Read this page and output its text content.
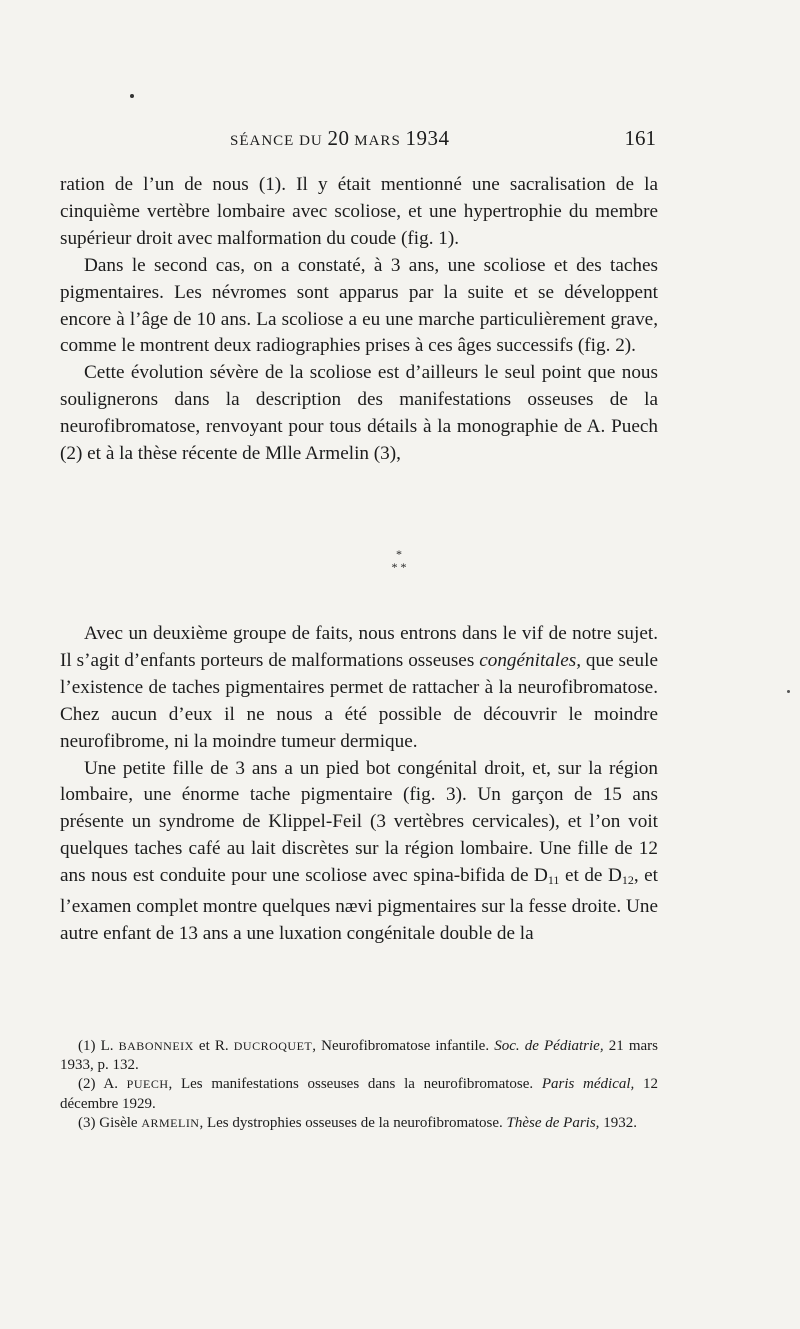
SÉANCE DU 20 MARS 1934	161

ration de l’un de nous (1). Il y était mentionné une sacralisation de la cinquième vertèbre lombaire avec scoliose, et une hypertrophie du membre supérieur droit avec malformation du coude (fig. 1).

Dans le second cas, on a constaté, à 3 ans, une scoliose et des taches pigmentaires. Les névromes sont apparus par la suite et se développent encore à l’âge de 10 ans. La scoliose a eu une marche particulièrement grave, comme le montrent deux radiographies prises à ces âges successifs (fig. 2).

Cette évolution sévère de la scoliose est d’ailleurs le seul point que nous soulignerons dans la description des manifestations osseuses de la neurofibromatose, renvoyant pour tous détails à la monographie de A. Puech (2) et à la thèse récente de Mlle Armelin (3),

*
* *

Avec un deuxième groupe de faits, nous entrons dans le vif de notre sujet. Il s’agit d’enfants porteurs de malformations osseuses congénitales, que seule l’existence de taches pigmentaires permet de rattacher à la neurofibromatose. Chez aucun d’eux il ne nous a été possible de découvrir le moindre neurofibrome, ni la moindre tumeur dermique.

Une petite fille de 3 ans a un pied bot congénital droit, et, sur la région lombaire, une énorme tache pigmentaire (fig. 3). Un garçon de 15 ans présente un syndrome de Klippel-Feil (3 vertèbres cervicales), et l’on voit quelques taches café au lait discrètes sur la région lombaire. Une fille de 12 ans nous est conduite pour une scoliose avec spina-bifida de $D_{11}$ et de $D_{12}$, et l’examen complet montre quelques nævi pigmentaires sur la fesse droite. Une autre enfant de 13 ans a une luxation congénitale double de la

(1) L. BABONNEIX et R. DUCROQUET, Neurofibromatose infantile. Soc. de Pédiatrie, 21 mars 1933, p. 132.

(2) A. PUECH, Les manifestations osseuses dans la neurofibromatose. Paris médical, 12 décembre 1929.

(3) Gisèle ARMELIN, Les dystrophies osseuses de la neurofibromatose. Thèse de Paris, 1932.
